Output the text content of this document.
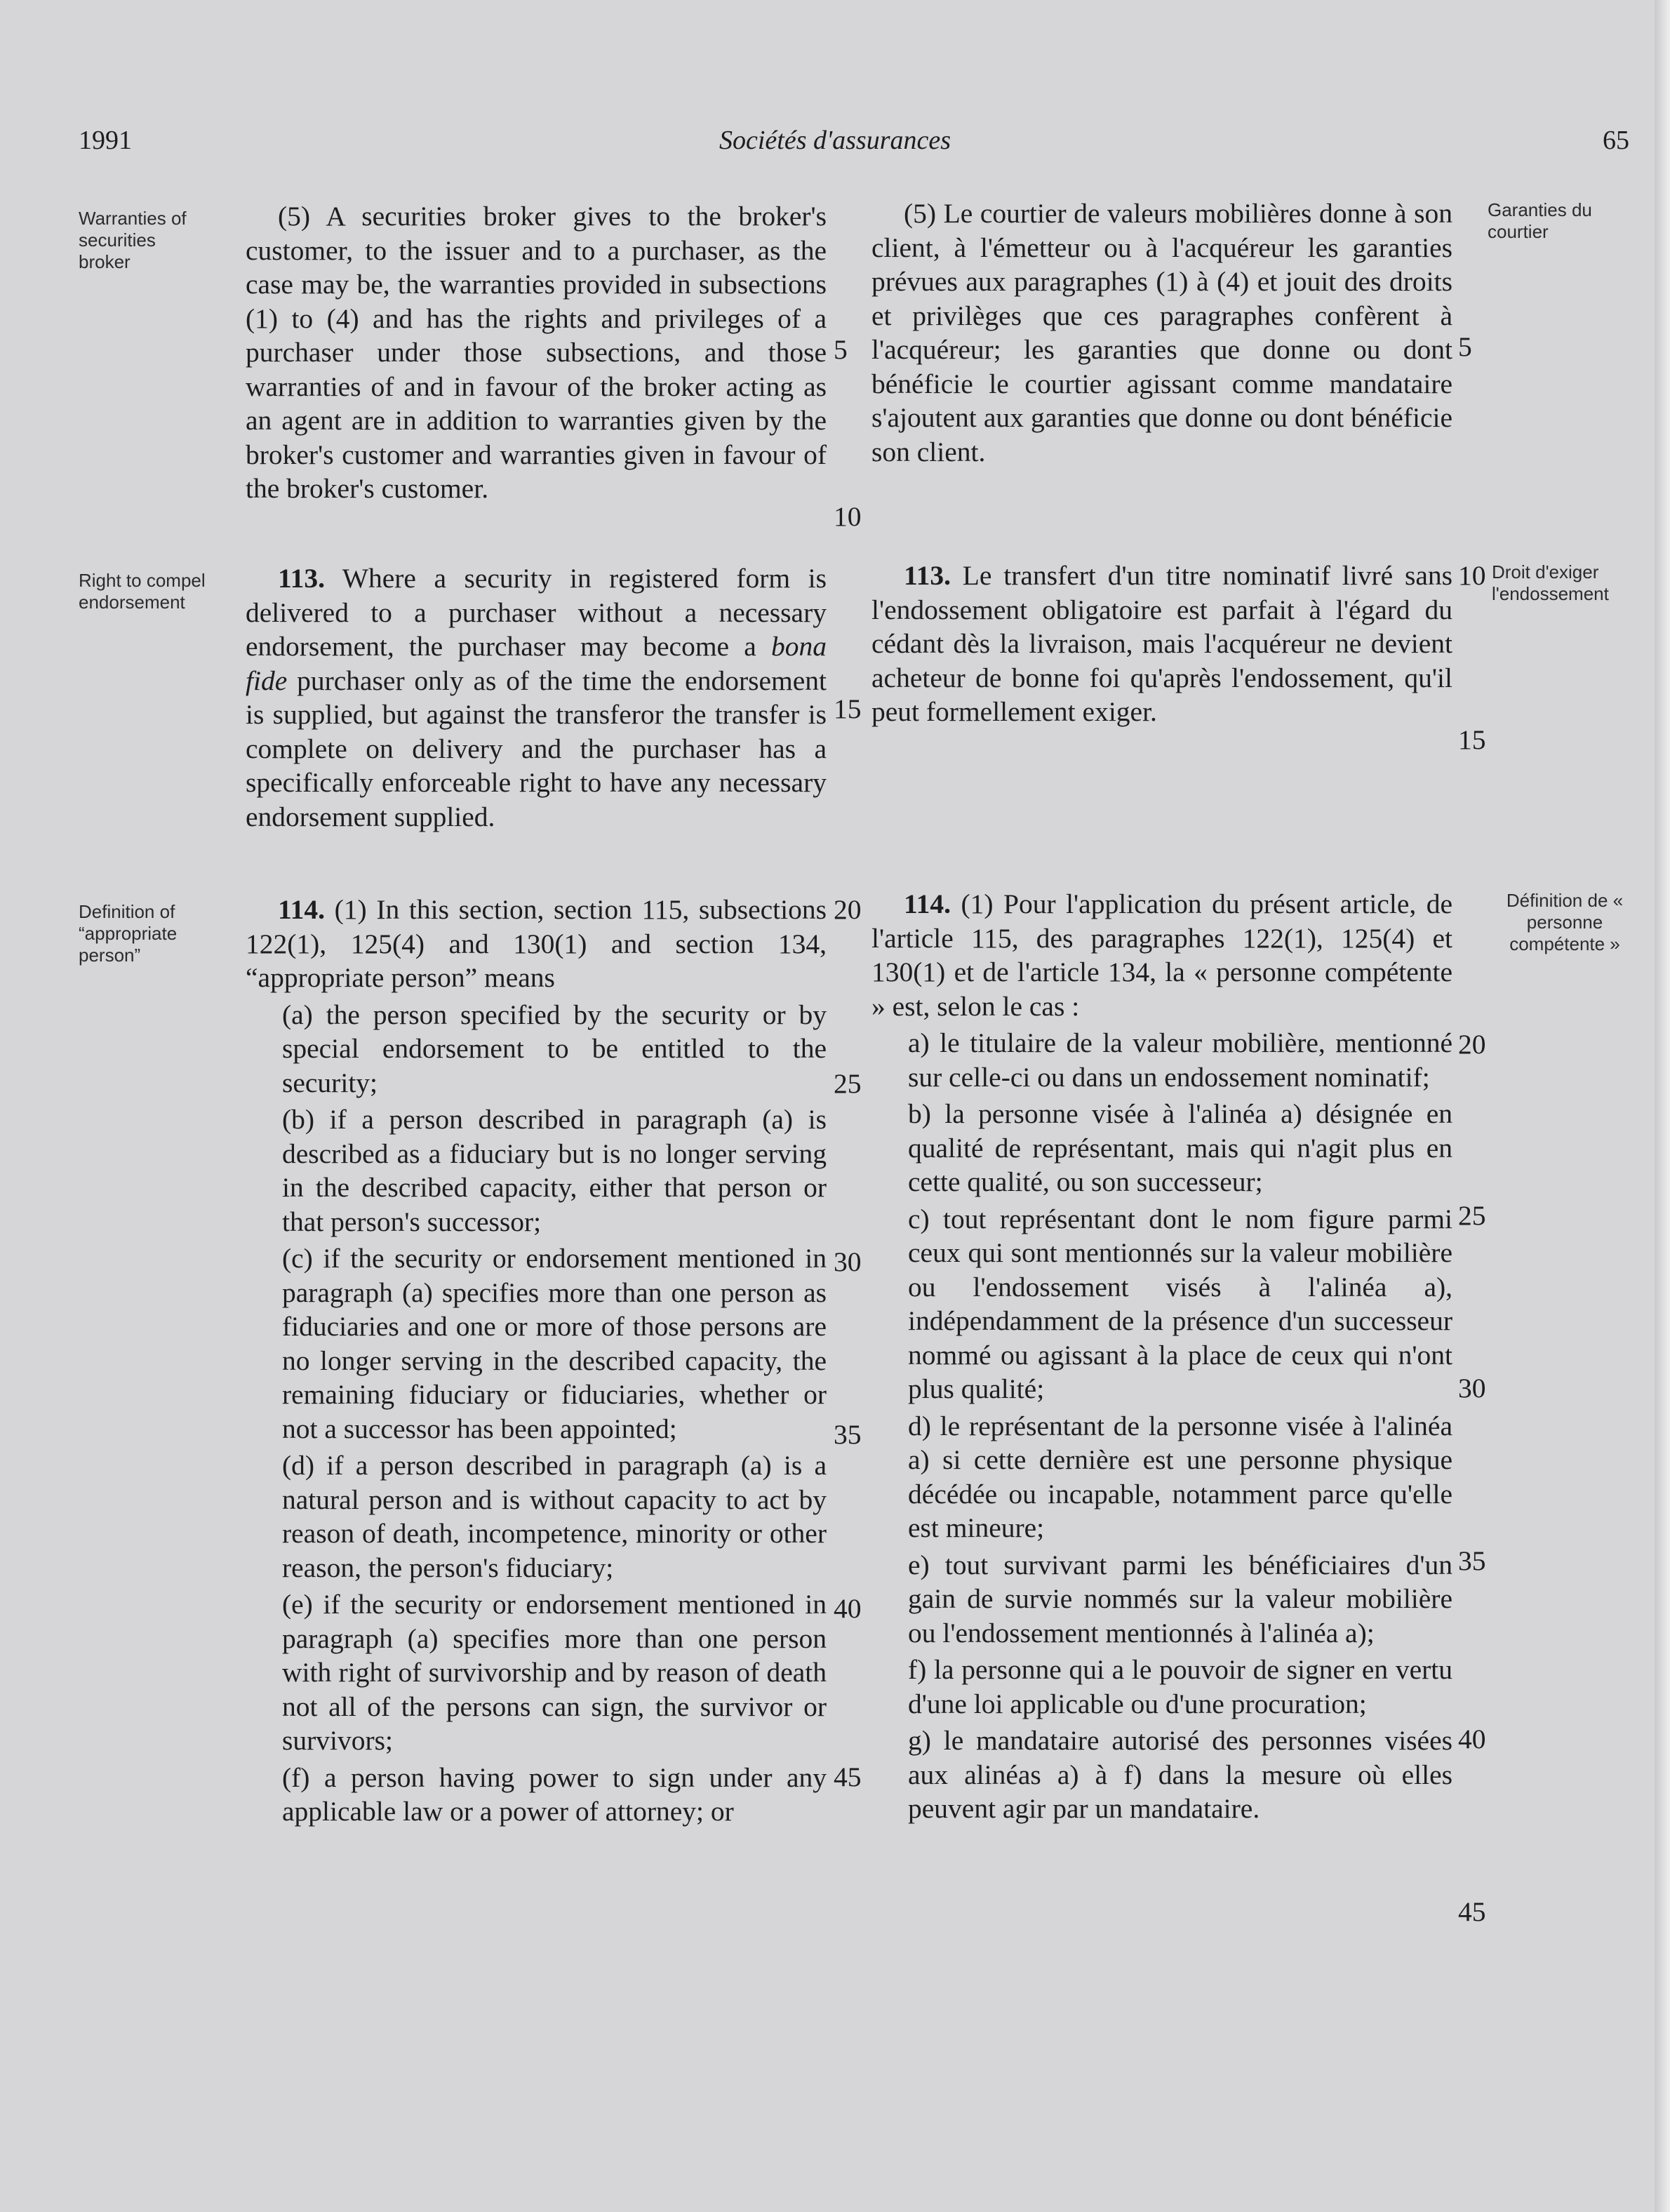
1991	Sociétés d'assurances	65
Warranties of securities broker
Right to compel endorsement
Definition of “appropriate person”
Garanties du courtier
Droit d'exiger l'endossement
Définition de « personne compétente »

(5) A securities broker gives to the broker's customer, to the issuer and to a purchaser, as the case may be, the warranties provided in subsections (1) to (4) and has the rights and privileges of a purchaser under those subsections, and those warranties of and in favour of the broker acting as an agent are in addition to warranties given by the broker's customer and warranties given in favour of the broker's customer.

113. Where a security in registered form is delivered to a purchaser without a necessary endorsement, the purchaser may become a bona fide purchaser only as of the time the endorsement is supplied, but against the transferor the transfer is complete on delivery and the purchaser has a specifically enforceable right to have any necessary endorsement supplied.

114. (1) In this section, section 115, subsections 122(1), 125(4) and 130(1) and section 134, “appropriate person” means

(a) the person specified by the security or by special endorsement to be entitled to the security;

(b) if a person described in paragraph (a) is described as a fiduciary but is no longer serving in the described capacity, either that person or that person's successor;

(c) if the security or endorsement mentioned in paragraph (a) specifies more than one person as fiduciaries and one or more of those persons are no longer serving in the described capacity, the remaining fiduciary or fiduciaries, whether or not a successor has been appointed;

(d) if a person described in paragraph (a) is a natural person and is without capacity to act by reason of death, incompetence, minority or other reason, the person's fiduciary;

(e) if the security or endorsement mentioned in paragraph (a) specifies more than one person with right of survivorship and by reason of death not all of the persons can sign, the survivor or survivors;

(f) a person having power to sign under any applicable law or a power of attorney; or

(5) Le courtier de valeurs mobilières donne à son client, à l'émetteur ou à l'acquéreur les garanties prévues aux paragraphes (1) à (4) et jouit des droits et privilèges que ces paragraphes confèrent à l'acquéreur; les garanties que donne ou dont bénéficie le courtier agissant comme mandataire s'ajoutent aux garanties que donne ou dont bénéficie son client.

113. Le transfert d'un titre nominatif livré sans l'endossement obligatoire est parfait à l'égard du cédant dès la livraison, mais l'acquéreur ne devient acheteur de bonne foi qu'après l'endossement, qu'il peut formellement exiger.

114. (1) Pour l'application du présent article, de l'article 115, des paragraphes 122(1), 125(4) et 130(1) et de l'article 134, la « personne compétente » est, selon le cas :

a) le titulaire de la valeur mobilière, mentionné sur celle-ci ou dans un endossement nominatif;

b) la personne visée à l'alinéa a) désignée en qualité de représentant, mais qui n'agit plus en cette qualité, ou son successeur;

c) tout représentant dont le nom figure parmi ceux qui sont mentionnés sur la valeur mobilière ou l'endossement visés à l'alinéa a), indépendamment de la présence d'un successeur nommé ou agissant à la place de ceux qui n'ont plus qualité;

d) le représentant de la personne visée à l'alinéa a) si cette dernière est une personne physique décédée ou incapable, notamment parce qu'elle est mineure;

e) tout survivant parmi les bénéficiaires d'un gain de survie nommés sur la valeur mobilière ou l'endossement mentionnés à l'alinéa a);

f) la personne qui a le pouvoir de signer en vertu d'une loi applicable ou d'une procuration;

g) le mandataire autorisé des personnes visées aux alinéas a) à f) dans la mesure où elles peuvent agir par un mandataire.

5
10
15
20
25
30
35
40
45
5
10
15
20
25
30
35
40
45
